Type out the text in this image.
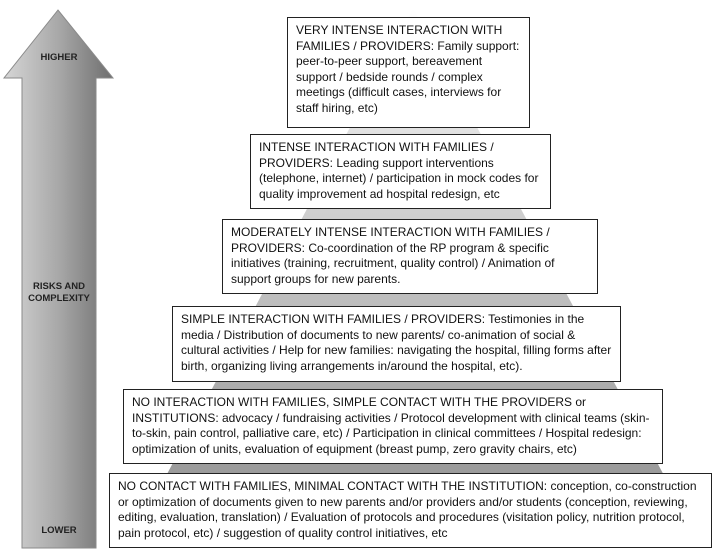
HIGHER
RISKS AND COMPLEXITY
LOWER
VERY INTENSE INTERACTION WITH FAMILIES / PROVIDERS: Family support: peer-to-peer support, bereavement support / bedside rounds / complex meetings (difficult cases, interviews for staff hiring, etc)
INTENSE INTERACTION WITH FAMILIES / PROVIDERS: Leading support interventions (telephone, internet) / participation in mock codes for quality improvement ad hospital redesign, etc
MODERATELY INTENSE INTERACTION WITH FAMILIES / PROVIDERS: Co-coordination of the RP program & specific initiatives (training, recruitment, quality control) / Animation of support groups for new parents.
SIMPLE INTERACTION WITH FAMILIES / PROVIDERS: Testimonies in the media / Distribution of documents to new parents/ co-animation of social & cultural activities / Help for new families: navigating the hospital, filling forms after birth, organizing living arrangements in/around the hospital, etc).
NO INTERACTION WITH FAMILIES, SIMPLE CONTACT WITH THE PROVIDERS or INSTITUTIONS: advocacy / fundraising activities / Protocol development with clinical teams (skin-to-skin, pain control, palliative care, etc) / Participation in clinical committees / Hospital redesign: optimization of units, evaluation of equipment (breast pump, zero gravity chairs, etc)
NO CONTACT WITH FAMILIES, MINIMAL CONTACT WITH THE INSTITUTION: conception, co-construction or optimization of documents given to new parents and/or providers and/or students (conception, reviewing, editing, evaluation, translation) / Evaluation of protocols and procedures (visitation policy, nutrition protocol, pain protocol, etc) / suggestion of quality control initiatives, etc
